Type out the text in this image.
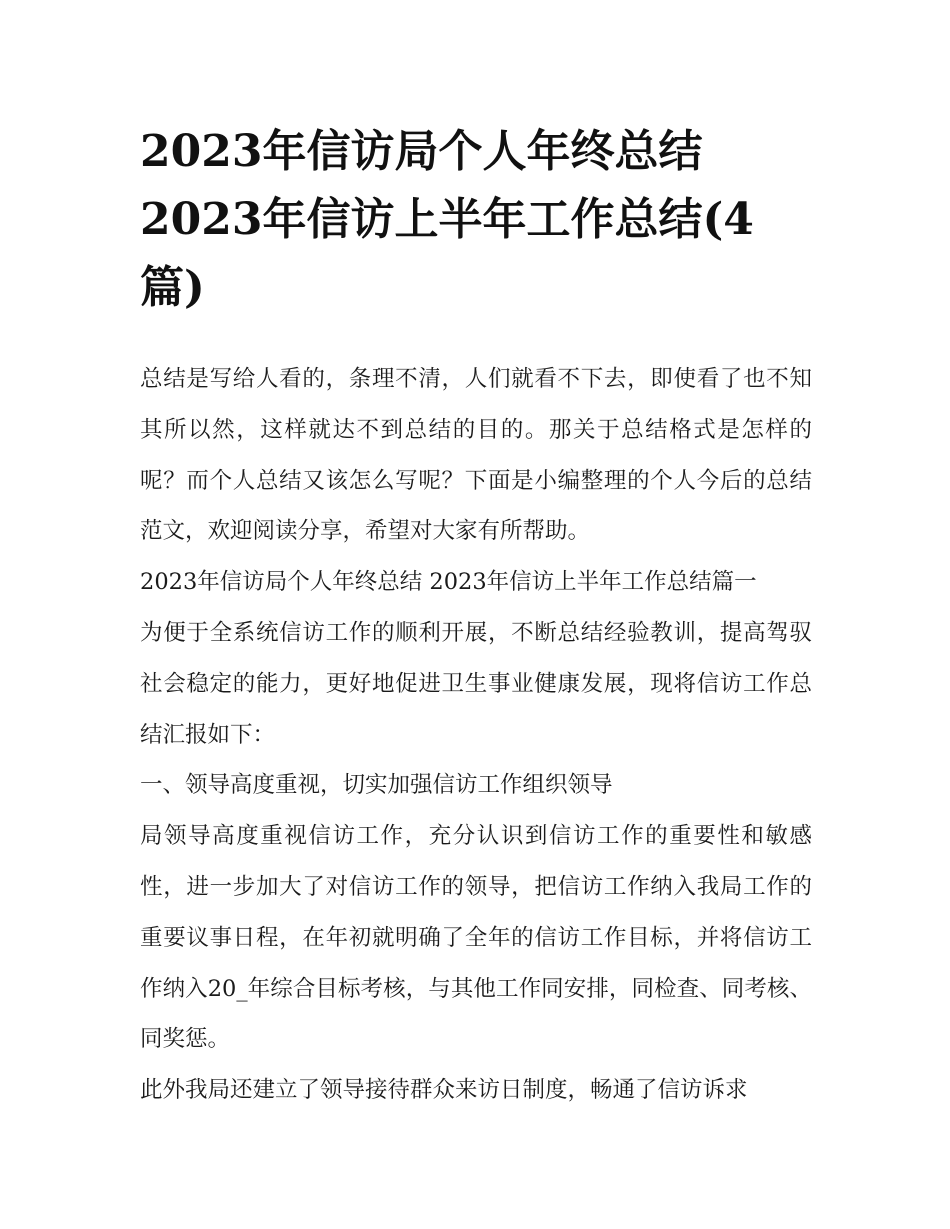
2023年信访局个人年终总结 2023年信访上半年工作总结(4篇)

总结是写给人看的，条理不清，人们就看不下去，即使看了也不知其所以然，这样就达不到总结的目的。那关于总结格式是怎样的呢？而个人总结又该怎么写呢？下面是小编整理的个人今后的总结范文，欢迎阅读分享，希望对大家有所帮助。

2023年信访局个人年终总结 2023年信访上半年工作总结篇一

为便于全系统信访工作的顺利开展，不断总结经验教训，提高驾驭社会稳定的能力，更好地促进卫生事业健康发展，现将信访工作总结汇报如下：

一、领导高度重视，切实加强信访工作组织领导

局领导高度重视信访工作，充分认识到信访工作的重要性和敏感性，进一步加大了对信访工作的领导，把信访工作纳入我局工作的重要议事日程，在年初就明确了全年的信访工作目标，并将信访工作纳入20_年综合目标考核，与其他工作同安排，同检查、同考核、同奖惩。

此外我局还建立了领导接待群众来访日制度，畅通了信访诉求
